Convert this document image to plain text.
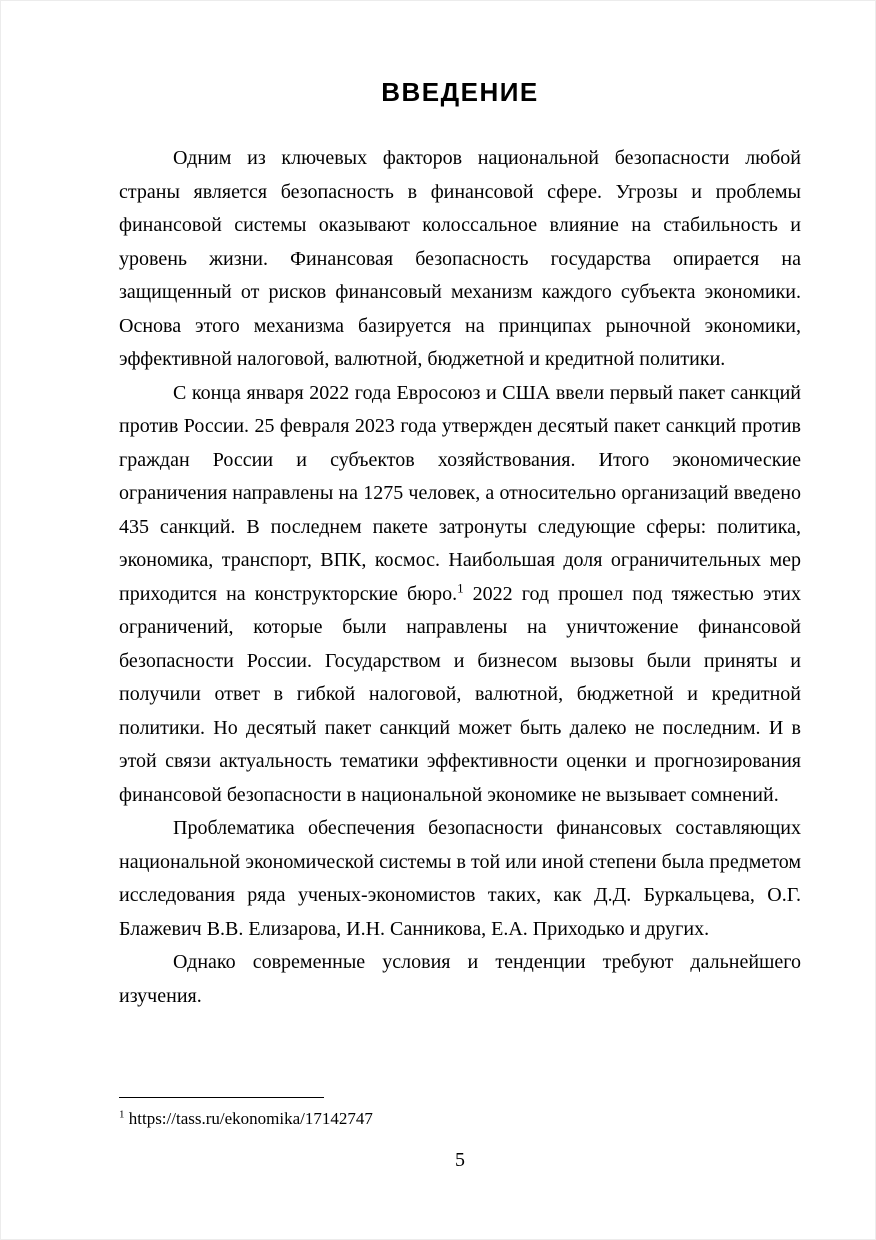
ВВЕДЕНИЕ

Одним из ключевых факторов национальной безопасности любой страны является безопасность в финансовой сфере. Угрозы и проблемы финансовой системы оказывают колоссальное влияние на стабильность и уровень жизни. Финансовая безопасность государства опирается на защищенный от рисков финансовый механизм каждого субъекта экономики. Основа этого механизма базируется на принципах рыночной экономики, эффективной налоговой, валютной, бюджетной и кредитной политики.

С конца января 2022 года Евросоюз и США ввели первый пакет санкций против России. 25 февраля 2023 года утвержден десятый пакет санкций против граждан России и субъектов хозяйствования. Итого экономические ограничения направлены на 1275 человек, а относительно организаций введено 435 санкций. В последнем пакете затронуты следующие сферы: политика, экономика, транспорт, ВПК, космос. Наибольшая доля ограничительных мер приходится на конструкторские бюро.$^1$ 2022 год прошел под тяжестью этих ограничений, которые были направлены на уничтожение финансовой безопасности России. Государством и бизнесом вызовы были приняты и получили ответ в гибкой налоговой, валютной, бюджетной и кредитной политики. Но десятый пакет санкций может быть далеко не последним. И в этой связи актуальность тематики эффективности оценки и прогнозирования финансовой безопасности в национальной экономике не вызывает сомнений.

Проблематика обеспечения безопасности финансовых составляющих национальной экономической системы в той или иной степени была предметом исследования ряда ученых-экономистов таких, как Д.Д. Буркальцева, О.Г. Блажевич В.В. Елизарова, И.Н. Санникова, Е.А. Приходько и других.

Однако современные условия и тенденции требуют дальнейшего изучения.

$^1$ https://tass.ru/ekonomika/17142747

5
